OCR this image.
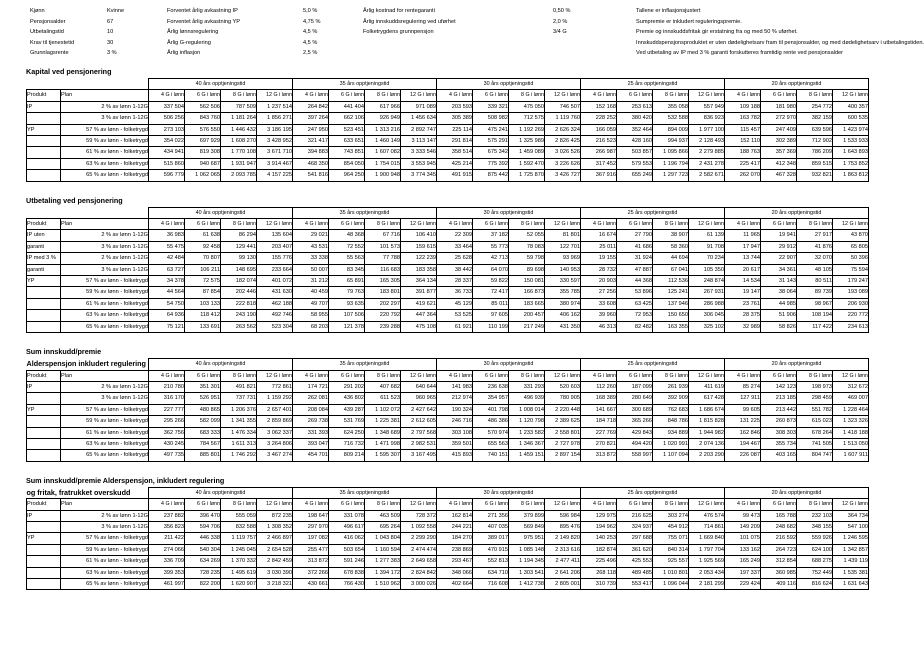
Kjønn	Kvinne
Pensjonsalder	67
Utbetalingstid	10
Krav til tjenestetid	30
Grunnlagsrente	3 %
Forventet årlig avkastning IP	5,0 %
Forventet årlig avkastning YP	4,75 %
Årlig lønnsregulering	4,5 %
Årlig G-regulering	4,5 %
Årlig inflasjon	2,5 %
Årlig kostnad for rentegaranti	0,50 %
Årlig innskuddsregulering ved uførhet	2,0 %
Folketrygdens grunnpensjon	3/4 G
Tallene er inflasjonsjustert
Sumpremie er inkludert reguleringspremie.
Premie og innskuddsfritak gir erstatning fra og med 50 % uførhet.
Innskuddspensjonsproduktet er uten dødelighetsarv fram til pensjonsalder, og med dødelighetsarv i utbetalingstiden.
Ved utbetaling av IP med 3 % garanti forskutteres framtidig rente ved pensjonsalder
Kapital ved pensjonering
		40 års opptjeningstid				35 års opptjeningstid				30 års opptjeningstid				25 års opptjeningstid				20 års opptjeningstid			
Produkt	Plan	4 G i lønn	6 G i lønn	8 G i lønn	12 G i lønn	4 G i lønn	6 G i lønn	8 G i lønn	12 G i lønn	4 G i lønn	6 G i lønn	8 G i lønn	12 G i lønn	4 G i lønn	6 G i lønn	8 G i lønn	12 G i lønn	4 G i lønn	6 G i lønn	8 G i lønn	12 G i lønn
IP	2 % av lønn 1-12G	337 504	562 506	787 509	1 237 514	264 842	441 404	617 966	971 089	203 593	339 321	475 050	746 507	152 168	253 613	355 058	557 949	109 188	181 980	254 772	400 357
	3 % av lønn 1-12G	506 256	843 760	1 181 264	1 856 271	397 264	662 106	926 949	1 456 634	305 389	508 982	712 575	1 119 760	228 252	380 420	532 588	836 923	163 782	272 970	382 159	600 535
YP	57 % av lønn - folketrygd	273 103	576 550	1 446 432	3 186 195	247 950	523 451	1 313 216	2 892 747	225 114	475 241	1 192 269	2 626 324	166 059	352 464	894 009	1 977 100	115 457	247 409	639 596	1 423 974
	59 % av lønn - folketrygd	354 022	697 929	1 608 270	3 428 952	321 417	633 651	1 460 149	3 113 147	291 814	575 291	1 325 989	2 826 425	216 523	428 160	994 937	2 128 493	152 110	302 389	712 902	1 533 933
	61 % av lønn - folketrygd	434 941	819 308	1 770 108	3 671 710	394 883	743 851	1 607 082	3 333 546	358 514	675 342	1 459 089	3 026 526	266 987	503 857	1 095 866	2 279 885	188 763	357 369	786 209	1 643 893
	63 % av lønn - folketrygd	515 860	940 687	1 931 947	3 914 467	468 350	854 050	1 754 015	3 553 945	425 214	775 392	1 592 470	3 226 626	317 452	579 553	1 196 794	2 431 278	225 417	412 348	859 515	1 753 852
	65 % av lønn - folketrygd	596 779	1 062 065	2 093 785	4 157 225	541 816	964 250	1 900 948	3 774 345	491 915	875 442	1 725 870	3 426 727	367 916	655 249	1 297 723	2 582 671	262 070	467 328	932 821	1 863 812
Utbetaling ved pensjonering
		40 års opptjeningstid				35 års opptjeningstid				30 års opptjeningstid				25 års opptjeningstid				20 års opptjeningstid			
Produkt	Plan	4 G i lønn	6 G i lønn	8 G i lønn	12 G i lønn	4 G i lønn	6 G i lønn	8 G i lønn	12 G i lønn	4 G i lønn	6 G i lønn	8 G i lønn	12 G i lønn	4 G i lønn	6 G i lønn	8 G i lønn	12 G i lønn	4 G i lønn	6 G i lønn	8 G i lønn	12 G i lønn
IP uten	2 % av lønn 1-12G	36 983	61 638	86 294	135 604	29 021	48 368	67 716	106 410	22 309	37 182	52 055	81 801	16 674	27 790	38 907	61 139	11 965	19 941	27 917	43 870
garanti	3 % av lønn 1-12G	55 475	92 458	129 441	203 407	43 531	72 552	101 573	159 615	33 464	55 773	78 083	122 701	25 011	41 686	58 360	91 708	17 947	29 912	41 876	65 805
IP med 3 %	2 % av lønn 1-12G	42 484	70 807	99 130	155 776	33 338	55 563	77 788	122 239	25 628	42 713	59 798	93 969	19 155	31 924	44 694	70 234	13 744	22 907	32 070	50 396
garanti	3 % av lønn 1-12G	63 727	106 211	148 695	233 664	50 007	83 345	116 683	183 358	38 442	64 070	89 698	140 953	28 732	47 887	67 041	105 350	20 617	34 361	48 105	75 594
YP	57 % av lønn - folketrygd	34 378	72 575	182 074	401 072	31 212	65 891	165 305	364 134	28 337	59 822	150 081	330 597	20 903	44 368	112 536	248 874	14 534	31 143	80 511	179 247
	59 % av lønn - folketrygd	44 564	87 854	202 446	431 630	40 459	79 763	183 801	391 877	36 733	72 417	166 873	355 785	27 256	53 896	125 241	267 931	19 147	38 064	89 739	193 089
	61 % av lønn - folketrygd	54 750	103 133	222 818	462 188	49 707	93 635	202 297	419 621	45 129	85 011	183 665	380 974	33 608	63 425	137 946	286 988	23 761	44 985	98 967	206 930
	63 % av lønn - folketrygd	64 936	118 412	243 190	492 746	58 955	107 506	220 792	447 364	53 525	97 605	200 457	406 162	39 960	72 953	150 650	306 045	28 375	51 906	108 194	220 772
	65 % av lønn - folketrygd	75 121	133 691	263 562	523 304	68 203	121 378	239 288	475 108	61 921	110 199	217 249	431 350	46 313	82 482	163 355	325 102	32 989	58 826	117 422	234 613
Sum innskudd/premie
Alderspensjon inkludert regulering		40 års opptjeningstid				35 års opptjeningstid				30 års opptjeningstid				25 års opptjeningstid				20 års opptjeningstid			
Produkt	Plan	4 G i lønn	6 G i lønn	8 G i lønn	12 G i lønn	4 G i lønn	6 G i lønn	8 G i lønn	12 G i lønn	4 G i lønn	6 G i lønn	8 G i lønn	12 G i lønn	4 G i lønn	6 G i lønn	8 G i lønn	12 G i lønn	4 G i lønn	6 G i lønn	8 G i lønn	12 G i lønn
IP	2 % av lønn 1-12G	210 780	351 301	491 821	772 861	174 721	291 202	407 682	640 644	141 983	236 638	331 293	520 603	112 260	187 099	261 939	411 619	85 274	142 123	198 973	312 672
	3 % av lønn 1-12G	316 170	526 951	737 731	1 159 292	262 081	436 802	611 523	960 965	212 974	354 957	496 939	780 905	168 389	280 649	392 909	617 428	127 911	213 185	298 459	469 007
YP	57 % av lønn - folketrygd	227 777	480 865	1 206 376	2 657 401	208 084	439 287	1 102 072	2 427 642	190 324	401 798	1 008 014	2 220 448	141 667	300 689	762 683	1 686 674	99 605	213 442	551 782	1 228 464
	59 % av lønn - folketrygd	295 266	582 099	1 341 355	2 859 869	269 738	531 769	1 225 381	2 612 605	246 716	486 386	1 120 798	2 389 625	184 718	365 266	848 786	1 815 828	131 225	260 873	615 023	1 323 326
	61 % av lønn - folketrygd	362 756	683 333	1 476 334	3 062 337	331 393	624 250	1 348 689	2 797 568	303 108	570 974	1 233 582	2 558 801	227 769	429 843	934 889	1 944 982	162 846	308 303	678 264	1 418 188
	63 % av lønn - folketrygd	430 245	784 567	1 611 313	3 264 806	393 047	716 732	1 471 998	2 982 531	359 501	655 563	1 346 367	2 727 978	270 821	494 420	1 020 991	2 074 136	194 467	355 734	741 505	1 513 050
	65 % av lønn - folketrygd	497 735	885 801	1 746 292	3 467 274	454 701	809 214	1 595 307	3 167 495	415 893	740 151	1 459 151	2 897 154	313 872	558 997	1 107 094	2 203 290	226 087	403 165	804 747	1 607 911
Sum innskudd/premie Alderspensjon, inkludert regulering
og fritak, fratrukket overskudd		40 års opptjeningstid				35 års opptjeningstid				30 års opptjeningstid				25 års opptjeningstid				20 års opptjeningstid			
Produkt	Plan	4 G i lønn	6 G i lønn	8 G i lønn	12 G i lønn	4 G i lønn	6 G i lønn	8 G i lønn	12 G i lønn	4 G i lønn	6 G i lønn	8 G i lønn	12 G i lønn	4 G i lønn	6 G i lønn	8 G i lønn	12 G i lønn	4 G i lønn	6 G i lønn	8 G i lønn	12 G i lønn
IP	2 % av lønn 1-12G	237 882	396 470	555 059	872 235	198 647	331 078	463 509	728 372	162 814	271 356	379 899	596 984	129 975	216 625	303 274	476 574	99 473	165 788	232 103	364 734
	3 % av lønn 1-12G	356 823	594 706	832 588	1 308 352	297 970	496 617	695 264	1 092 558	244 221	407 035	569 849	895 476	194 962	324 937	454 912	714 861	149 209	248 682	348 155	547 100
YP	57 % av lønn - folketrygd	211 422	446 338	1 119 757	2 466 897	197 082	416 062	1 043 804	2 299 290	184 270	389 017	975 951	2 149 820	140 253	297 688	755 071	1 669 840	101 075	216 592	559 926	1 246 595
	59 % av lønn - folketrygd	274 066	540 304	1 245 045	2 654 528	255 477	503 654	1 160 594	2 474 474	238 869	470 915	1 085 148	2 313 616	182 874	361 620	840 314	1 797 704	133 162	264 723	624 100	1 342 857
	61 % av lønn - folketrygd	336 709	634 269	1 370 332	2 842 459	313 872	591 246	1 277 383	2 649 658	293 467	552 813	1 194 345	2 477 411	225 496	425 553	925 557	1 925 569	165 249	312 854	688 275	1 439 119
	63 % av lønn - folketrygd	399 353	728 235	1 495 619	3 030 390	372 266	678 838	1 394 172	2 824 842	348 066	634 710	1 303 541	2 641 206	268 118	489 485	1 010 801	2 053 434	197 337	360 985	752 449	1 535 381
	65 % av lønn - folketrygd	461 997	822 200	1 620 907	3 218 321	430 661	766 430	1 510 962	3 000 026	402 664	716 608	1 412 738	2 805 001	310 739	553 417	1 096 044	2 181 299	229 424	409 116	816 624	1 631 643
